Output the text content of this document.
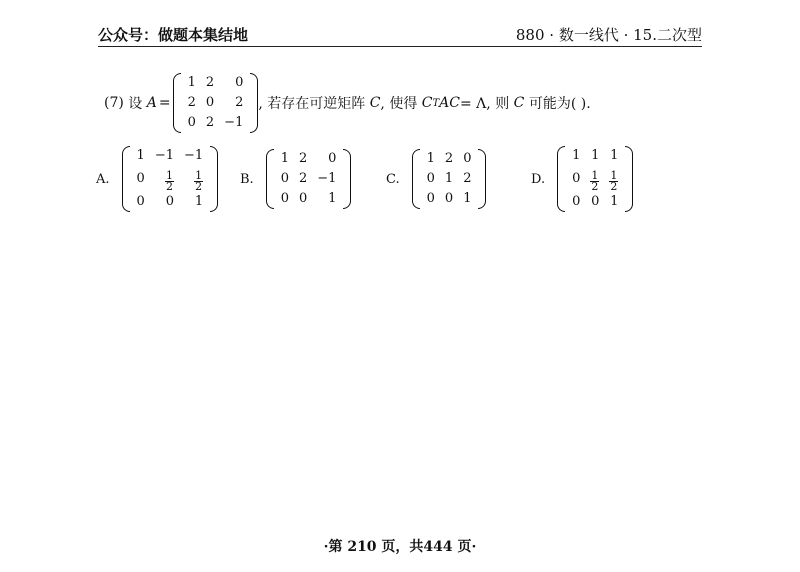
公众号：做题本集结地	880 · 数一线代 · 15.二次型
(7)
设
A =
1	2	0
2	0	2
0	2	−1
, 若存在可逆矩阵
C , 使得
C T AC = Λ, 则
C
可能为( ).
A.
1	−1	−1
0	$\frac{1}{2}$	$\frac{1}{2}$

0	0	1
B.
1	2	0
0	2	−1
0	0	1
C.
1	2	0
0	1	2
0	0	1
D.
1	1	1
0	$\frac{1}{2}$	$\frac{1}{2}$

0	0	1
·第 210 页，共444 页·
